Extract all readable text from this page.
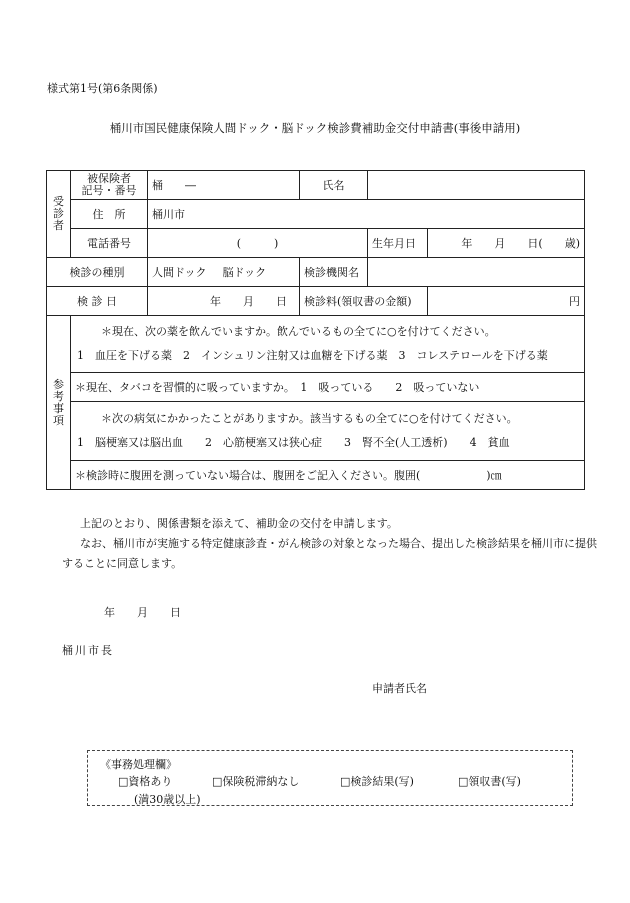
様式第1号(第6条関係)
桶川市国民健康保険人間ドック・脳ドック検診費補助金交付申請書(事後申請用)
受
診
者	被保険者
記号・番号	桶　　―	氏名		
	住　所	桶川市			
	電話番号	(　　　)		生年月日	年　　月　　日(　　歳)
検診の種別		人間ドック 脳ドック	検診機関名		
検 診 日		年　　月　　日	検診料(領収書の金額)		円

参
考
事
項	＊現在、次の薬を飲んでいますか。飲んでいるもの全てに○を付けてください。
1　血圧を下げる薬　2　インシュリン注射又は血糖を下げる薬　3　コレステロールを下げる薬				

	＊現在、タバコを習慣的に吸っていますか。　1　吸っている　　2　吸っていない				

	＊次の病気にかかったことがありますか。該当するもの全てに○を付けてください。
1　脳梗塞又は脳出血　　2　心筋梗塞又は狭心症　　3　腎不全(人工透析)　　4　貧血				

	＊検診時に腹囲を測っていない場合は、腹囲をご記入ください。腹囲(　　　　　　)㎝				

上記のとおり、関係書類を添えて、補助金の交付を申請します。

なお、桶川市が実施する特定健康診査・がん検診の対象となった場合、提出した検診結果を桶川市に提供することに同意します。

年　　月　　日
桶川市長
申請者氏名
《事務処理欄》
□資格あり	□保険税滞納なし	□検診結果(写)	□領収書(写)
(満30歳以上)
